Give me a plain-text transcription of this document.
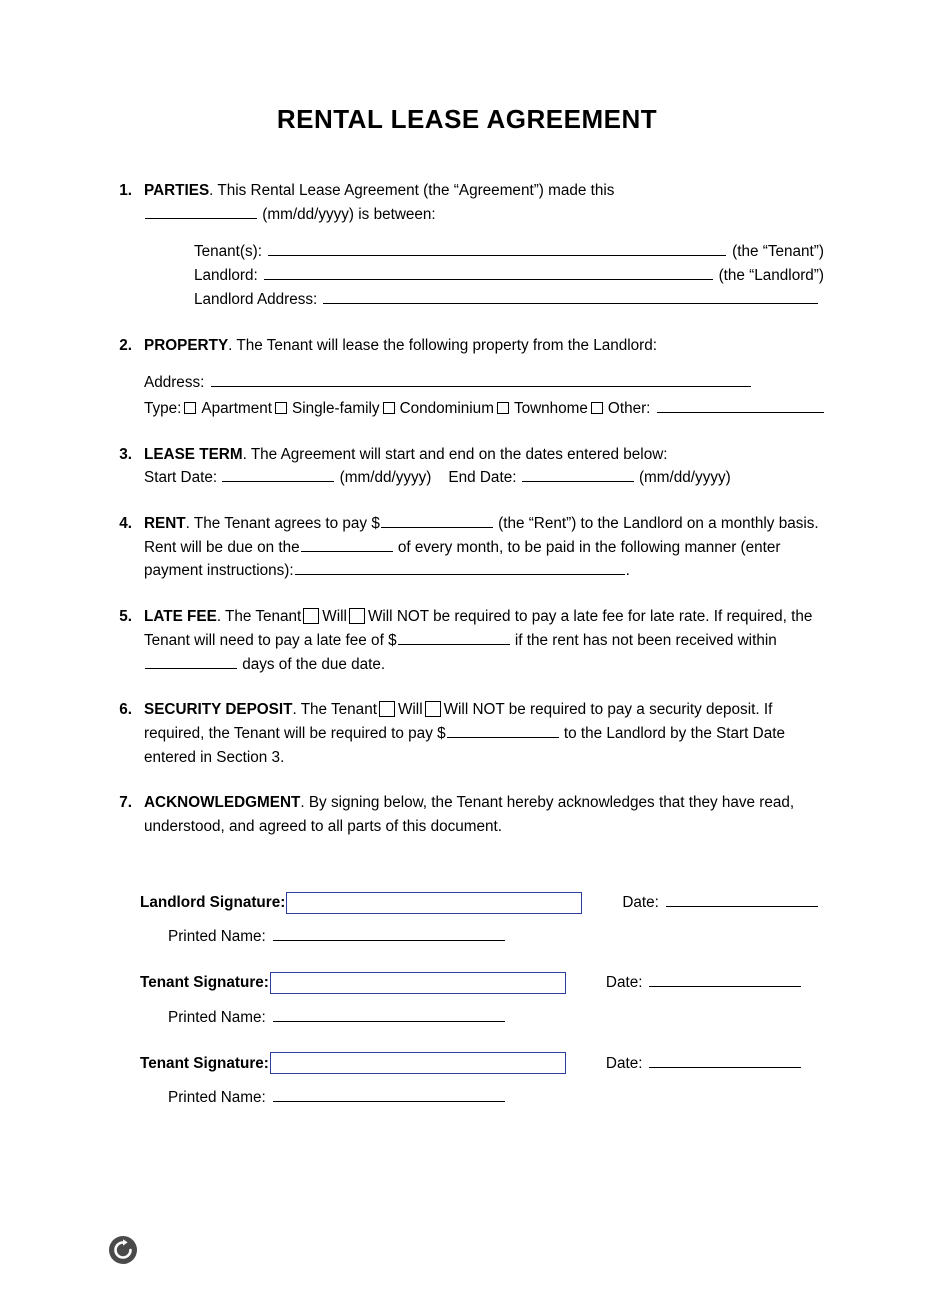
RENTAL LEASE AGREEMENT
1. PARTIES. This Rental Lease Agreement (the “Agreement”) made this
(mm/dd/yyyy) is between:
Tenant(s):	(the “Tenant”)
Landlord:	(the “Landlord”)
Landlord Address:
2. PROPERTY. The Tenant will lease the following property from the Landlord:
Address:
Type: Apartment Single-family Condominium Townhome Other:
3. LEASE TERM. The Agreement will start and end on the dates entered below:
Start Date:	(mm/dd/yyyy) End Date:	(mm/dd/yyyy)
4. RENT. The Tenant agrees to pay $	(the “Rent”) to the Landlord on a monthly basis. Rent will be due on the	of every month, to be paid in the following manner (enter payment instructions):	.
5. LATE FEE. The Tenant Will Will NOT be required to pay a late fee for late rate. If required, the Tenant will need to pay a late fee of $	if the rent has not been received within days of the due date.
6. SECURITY DEPOSIT. The Tenant Will Will NOT be required to pay a security deposit. If required, the Tenant will be required to pay $	to the Landlord by the Start Date entered in Section 3.
7. ACKNOWLEDGMENT. By signing below, the Tenant hereby acknowledges that they have read, understood, and agreed to all parts of this document.
Landlord Signature:	Date:
Printed Name:
Tenant Signature:	Date:
Printed Name:
Tenant Signature:	Date:
Printed Name:
